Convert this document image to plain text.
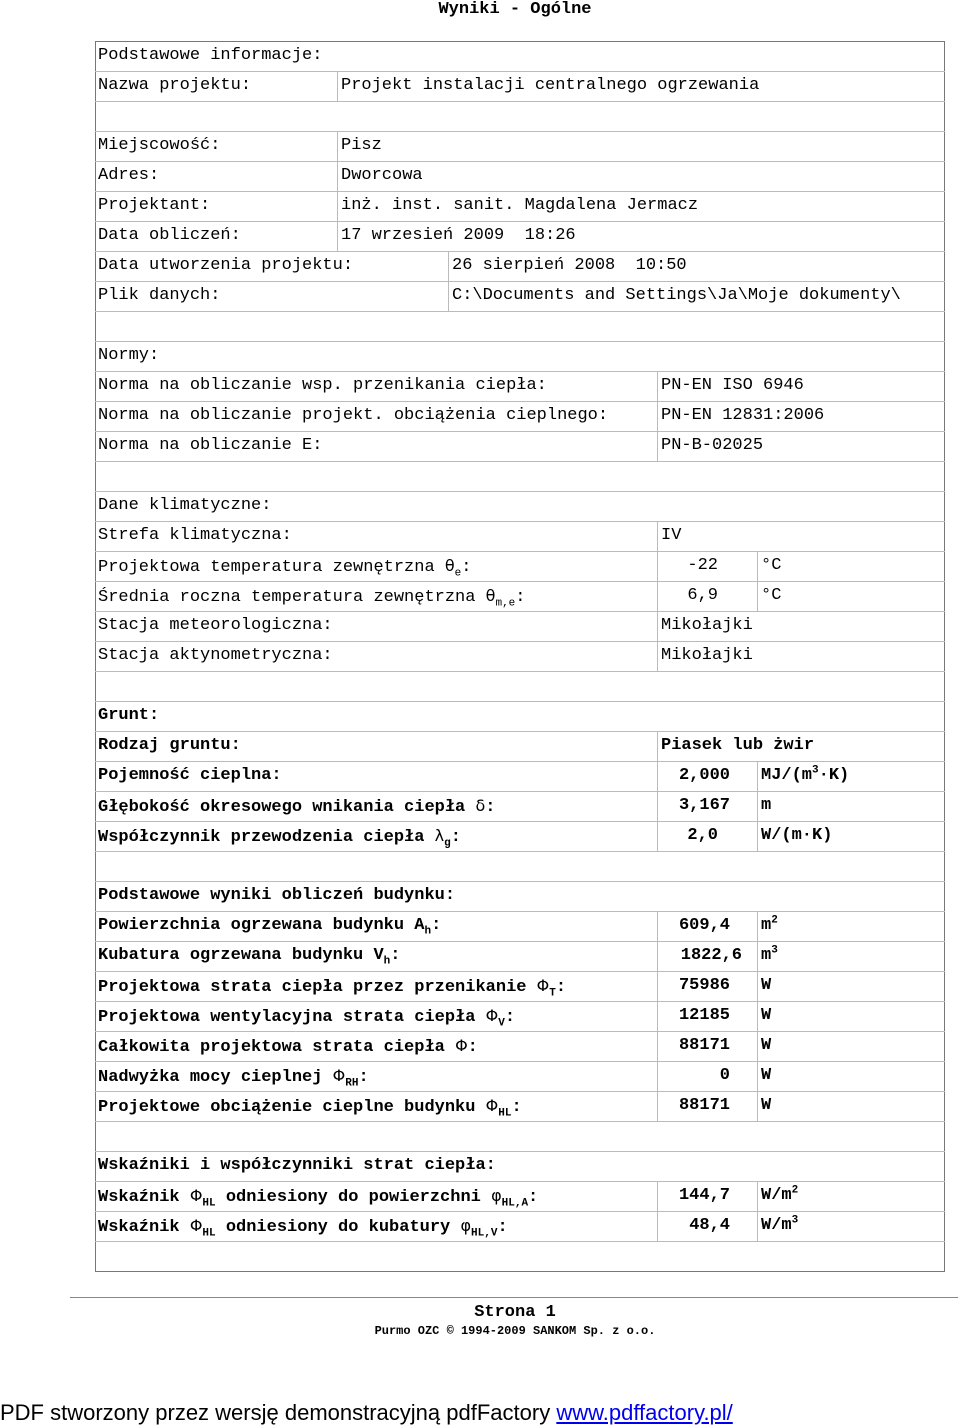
Wyniki - Ogólne
Podstawowe informacje:
Nazwa projektu:	Projekt instalacji centralnego ogrzewania
Miejscowość:	Pisz
Adres:	Dworcowa
Projektant:	inż. inst. sanit. Magdalena Jermacz
Data obliczeń:	17 wrzesień 2009  18:26
Data utworzenia projektu:	26 sierpień 2008  10:50
Plik danych:	C:\Documents and Settings\Ja\Moje dokumenty\
Normy:
Norma na obliczanie wsp. przenikania ciepła:	PN-EN ISO 6946
Norma na obliczanie projekt. obciążenia cieplnego:	PN-EN 12831:2006
Norma na obliczanie E:	PN-B-02025
Dane klimatyczne:
Strefa klimatyczna:	IV
Projektowa temperatura zewnętrzna $\theta_e$:	-22	°C
Średnia roczna temperatura zewnętrzna $\theta_{m,e}$:	6,9	°C
Stacja meteorologiczna:	Mikołajki
Stacja aktynometryczna:	Mikołajki
Grunt:
Rodzaj gruntu:	Piasek lub żwir
Pojemność cieplna:	2,000 $MJ/(m^3\cdot K)$
Głębokość okresowego wnikania ciepła δ:	3,167 m
Współczynnik przewodzenia ciepła $\lambda_g$:	2,0	W/(m·K)
Podstawowe wyniki obliczeń budynku:
Powierzchnia ogrzewana budynku $A_h$:	609,4 $m^2$
Kubatura ogrzewana budynku $V_h$:	1822,6 $m^3$
Projektowa strata ciepła przez przenikanie $\Phi_T$:	75986 W
Projektowa wentylacyjna strata ciepła $\Phi_V$:	12185 W
Całkowita projektowa strata ciepła Φ:	88171 W
Nadwyżka mocy cieplnej $\Phi_{RH}$:	0 W
Projektowe obciążenie cieplne budynku $\Phi_{HL}$:	88171 W
Wskaźniki i współczynniki strat ciepła:
Wskaźnik $\Phi_{HL}$ odniesiony do powierzchni $\varphi_{HL,A}$:	144,7 $W/m^2$
Wskaźnik $\Phi_{HL}$ odniesiony do kubatury $\varphi_{HL,V}$:	48,4 $W/m^3$
Strona 1
Purmo OZC © 1994-2009 SANKOM Sp. z o.o.
PDF stworzony przez wersję demonstracyjną pdfFactory www.pdffactory.pl/
